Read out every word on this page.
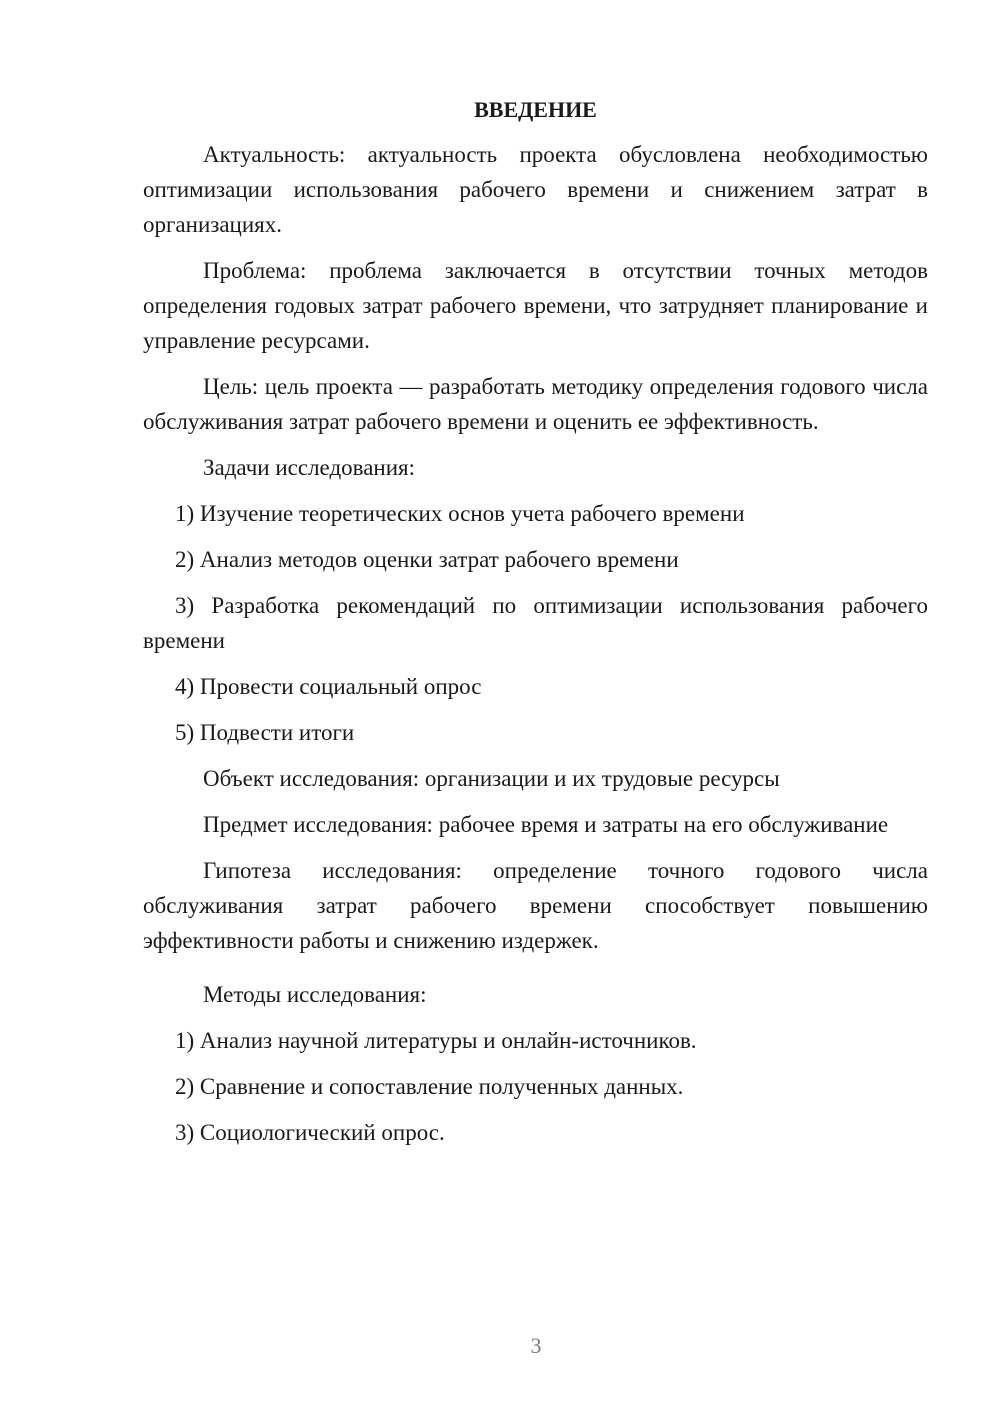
ВВЕДЕНИЕ

Актуальность: актуальность проекта обусловлена необходимостью оптимизации использования рабочего времени и снижением затрат в организациях.

Проблема: проблема заключается в отсутствии точных методов определения годовых затрат рабочего времени, что затрудняет планирование и управление ресурсами.

Цель: цель проекта — разработать методику определения годового числа обслуживания затрат рабочего времени и оценить ее эффективность.

Задачи исследования:

1) Изучение теоретических основ учета рабочего времени

2) Анализ методов оценки затрат рабочего времени

3) Разработка рекомендаций по оптимизации использования рабочего времени

4) Провести социальный опрос

5) Подвести итоги

Объект исследования: организации и их трудовые ресурсы

Предмет исследования: рабочее время и затраты на его обслуживание

Гипотеза исследования: определение точного годового числа обслуживания затрат рабочего времени способствует повышению эффективности работы и снижению издержек.

Методы исследования:

1) Анализ научной литературы и онлайн-источников.

2) Сравнение и сопоставление полученных данных.

3) Социологический опрос.

3
